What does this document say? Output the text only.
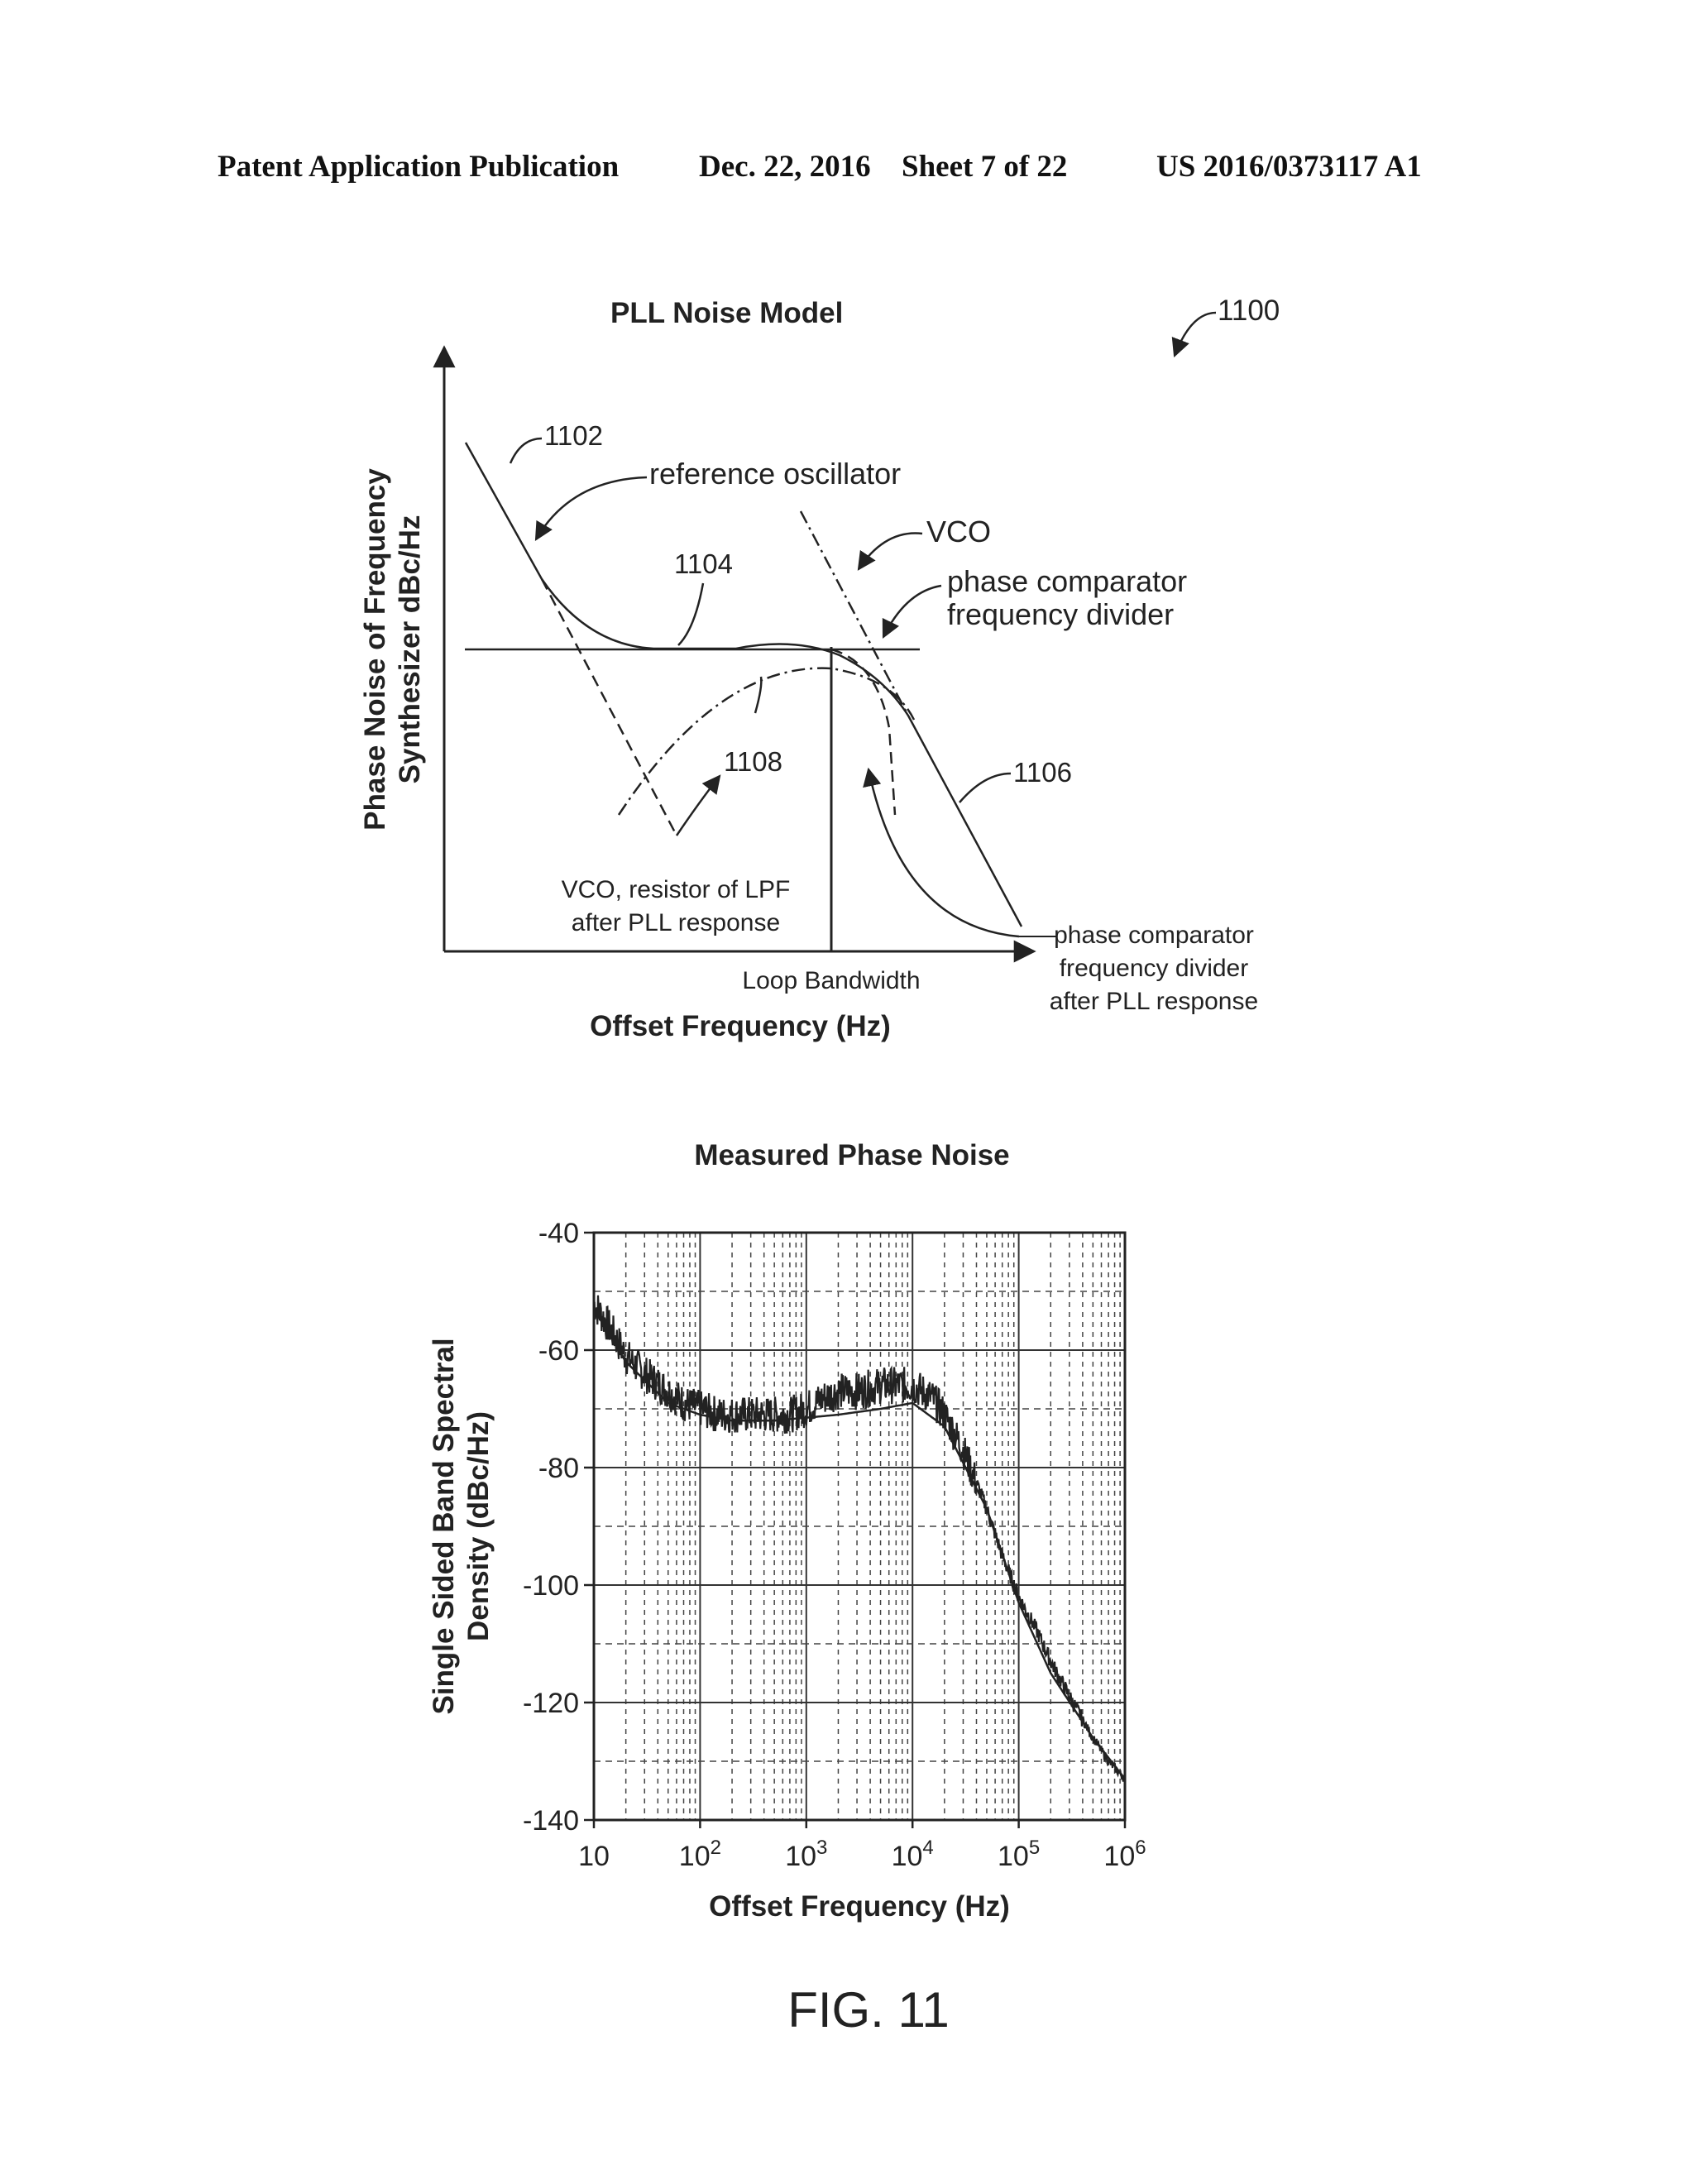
Patent Application Publication	Dec. 22, 2016 Sheet 7 of 22	US 2016/0373117 A1
PLL Noise Model	1100
Phase Noise of Frequency Synthesizer dBc/Hz
Loop Bandwidth
Offset Frequency (Hz)
1102
reference oscillator
1104
VCO
phase comparator
frequency divider
1106
1108
VCO, resistor of LPF
after PLL response	phase comparator
frequency divider
after PLL response
Measured Phase Noise
-40
-60
-80
-100
-120
-140
10 $10^2$ $10^3$ $10^4$ $10^5$ $10^6$
Single Sided Band Spectral Density (dBc/Hz)
Offset Frequency (Hz)
FIG. 11
